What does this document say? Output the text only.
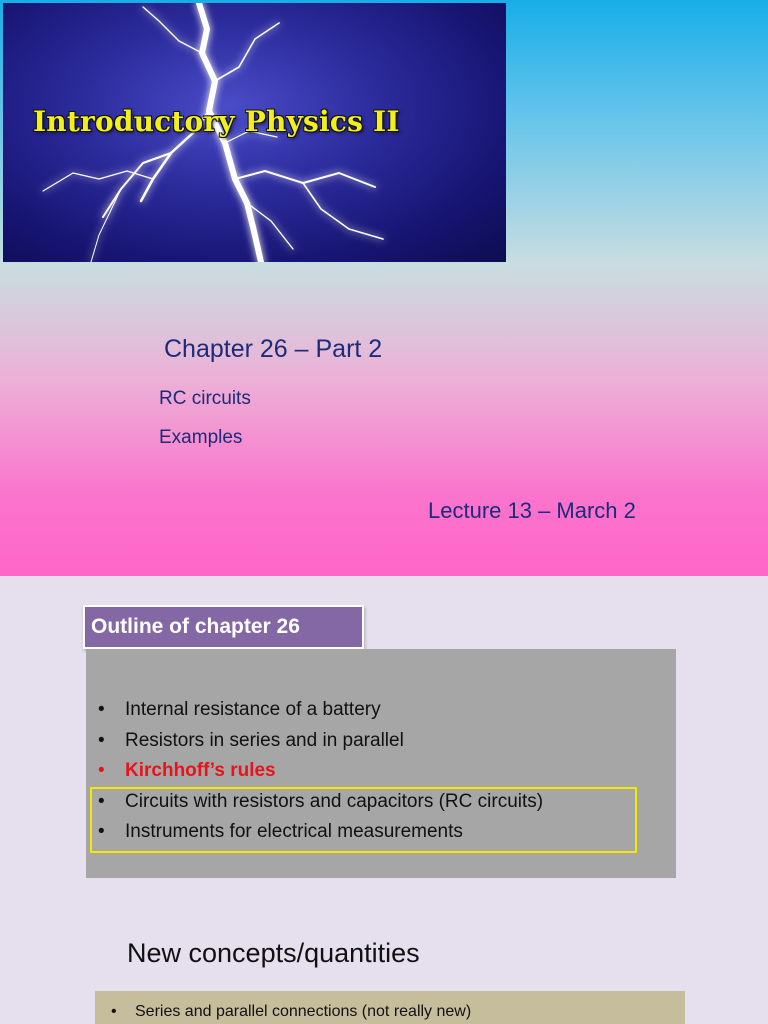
Introductory Physics II
Chapter 26 – Part 2
RC circuits
Examples
Lecture 13 – March 2
Outline of chapter 26
• Internal resistance of a battery
• Resistors in series and in parallel
• Kirchhoff’s rules
• Circuits with resistors and capacitors (RC circuits)
• Instruments for electrical measurements
New concepts/quantities
• Series and parallel connections (not really new)
